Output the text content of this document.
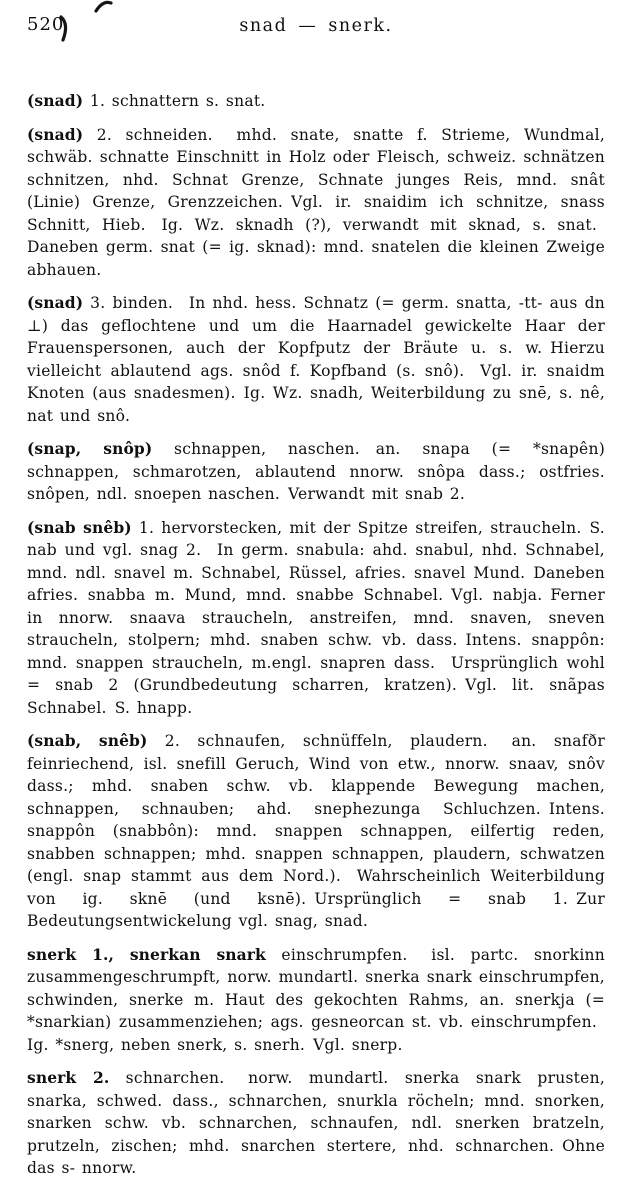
520	snad — snerk.

(snad) 1. schnattern s. snat.

(snad) 2. schneiden.  mhd. snate, snatte f. Strieme, Wundmal, schwäb. schnatte Einschnitt in Holz oder Fleisch, schweiz. schnätzen schnitzen, nhd. Schnat Grenze, Schnate junges Reis, mnd. snât (Linie) Grenze, Grenzzeichen. Vgl. ir. snaidim ich schnitze, snass Schnitt, Hieb. Ig. Wz. sknadh (?), verwandt mit sknad, s. snat. Daneben germ. snat (= ig. sknad): mnd. snatelen die kleinen Zweige abhauen.

(snad) 3. binden. In nhd. hess. Schnatz (= germ. snatta, -tt- aus dn ⊥) das geflochtene und um die Haarnadel gewickelte Haar der Frauenspersonen, auch der Kopfputz der Bräute u. s. w. Hierzu vielleicht ablautend ags. snôd f. Kopfband (s. snô). Vgl. ir. snaidm Knoten (aus snadesmen). Ig. Wz. snadh, Weiterbildung zu snē, s. nê, nat und snô.

(snap, snôp) schnappen, naschen. an. snapa (= *snapên) schnappen, schmarotzen, ablautend nnorw. snôpa dass.; ostfries. snôpen, ndl. snoepen naschen. Verwandt mit snab 2.

(snab snêb) 1. hervorstecken, mit der Spitze streifen, straucheln. S. nab und vgl. snag 2. In germ. snabula: ahd. snabul, nhd. Schnabel, mnd. ndl. snavel m. Schnabel, Rüssel, afries. snavel Mund. Daneben afries. snabba m. Mund, mnd. snabbe Schnabel. Vgl. nabja. Ferner in nnorw. snaava straucheln, anstreifen, mnd. snaven, sneven straucheln, stolpern; mhd. snaben schw. vb. dass. Intens. snappôn: mnd. snappen straucheln, m.engl. snapren dass. Ursprünglich wohl = snab 2 (Grundbedeutung scharren, kratzen). Vgl. lit. snãpas Schnabel. S. hnapp.

(snab, snêb) 2. schnaufen, schnüffeln, plaudern.  an. snafðr feinriechend, isl. snefill Geruch, Wind von etw., nnorw. snaav, snôv dass.; mhd. snaben schw. vb. klappende Bewegung machen, schnappen, schnauben; ahd. snephezunga Schluchzen. Intens. snappôn (snabbôn): mnd. snappen schnappen, eilfertig reden, snabben schnappen; mhd. snappen schnappen, plaudern, schwatzen (engl. snap stammt aus dem Nord.). Wahrscheinlich Weiterbildung von ig. sknē (und ksnē). Ursprünglich = snab 1. Zur Bedeutungsentwickelung vgl. snag, snad.

snerk 1., snerkan snark einschrumpfen.  isl. partc. snorkinn zusammengeschrumpft, norw. mundartl. snerka snark einschrumpfen, schwinden, snerke m. Haut des gekochten Rahms, an. snerkja (= *snarkian) zusammenziehen; ags. gesneorcan st. vb. einschrumpfen. Ig. *snerg, neben snerk, s. snerh. Vgl. snerp.

snerk 2. schnarchen.  norw. mundartl. snerka snark prusten, snarka, schwed. dass., schnarchen, snurkla röcheln; mnd. snorken, snarken schw. vb. schnarchen, schnaufen, ndl. snerken bratzeln, prutzeln, zischen; mhd. snarchen stertere, nhd. schnarchen. Ohne das s- nnorw.
